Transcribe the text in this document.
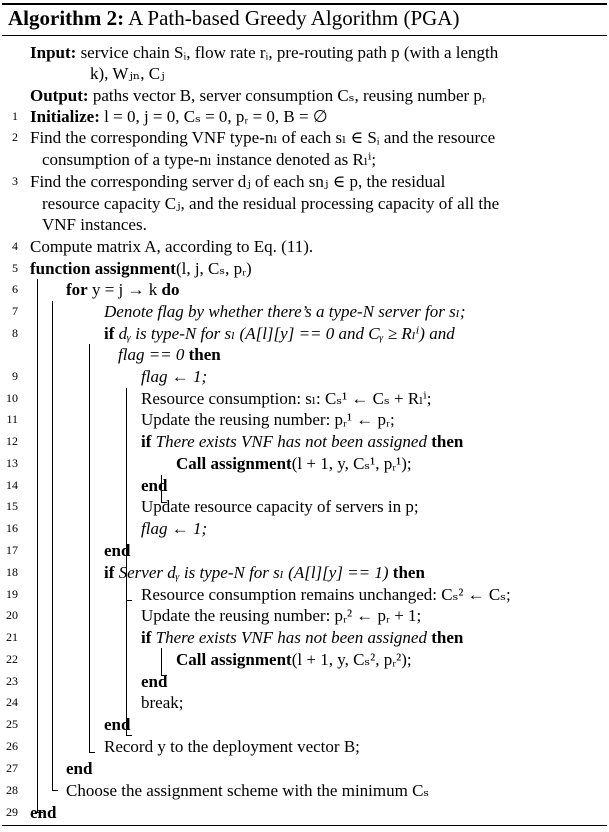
Algorithm 2: A Path-based Greedy Algorithm (PGA)
Input: service chain Sᵢ, flow rate rᵢ, pre-routing path p (with a length
k), Wⱼₙ, Cⱼ
Output: paths vector B, server consumption Cₛ, reusing number pᵣ
1 Initialize: l = 0, j = 0, Cₛ = 0, pᵣ = 0, B = ∅
2 Find the corresponding VNF type-nₗ of each sₗ ∈ Sᵢ and the resource
consumption of a type-nₗ instance denoted as Rₗⁱ;
3 Find the corresponding server dⱼ of each snⱼ ∈ p, the residual
resource capacity Cⱼ, and the residual processing capacity of all the
VNF instances.
4 Compute matrix A, according to Eq. (11).
5 function assignment(l, j, Cₛ, pᵣ)
6	for y = j → k do
7	Denote flag by whether there’s a type-N server for sₗ;
8	if dᵧ is type-N for sₗ (A[l][y] == 0 and Cᵧ ≥ Rₗⁱ) and
flag == 0 then
9	flag ← 1;
10	Resource consumption: sₗ: Cₛ¹ ← Cₛ + Rₗⁱ;
11	Update the reusing number: pᵣ¹ ← pᵣ;
12	if There exists VNF has not been assigned then
13	Call assignment(l + 1, y, Cₛ¹, pᵣ¹);
14	end
15	Update resource capacity of servers in p;
16	flag ← 1;
17	end
18	if Server dᵧ is type-N for sₗ (A[l][y] == 1) then
19	Resource consumption remains unchanged: Cₛ² ← Cₛ;
20	Update the reusing number: pᵣ² ← pᵣ + 1;
21	if There exists VNF has not been assigned then
22	Call assignment(l + 1, y, Cₛ², pᵣ²);
23	end
24	break;
25	end
26	Record y to the deployment vector B;
27	end
28	Choose the assignment scheme with the minimum Cₛ
29 end
